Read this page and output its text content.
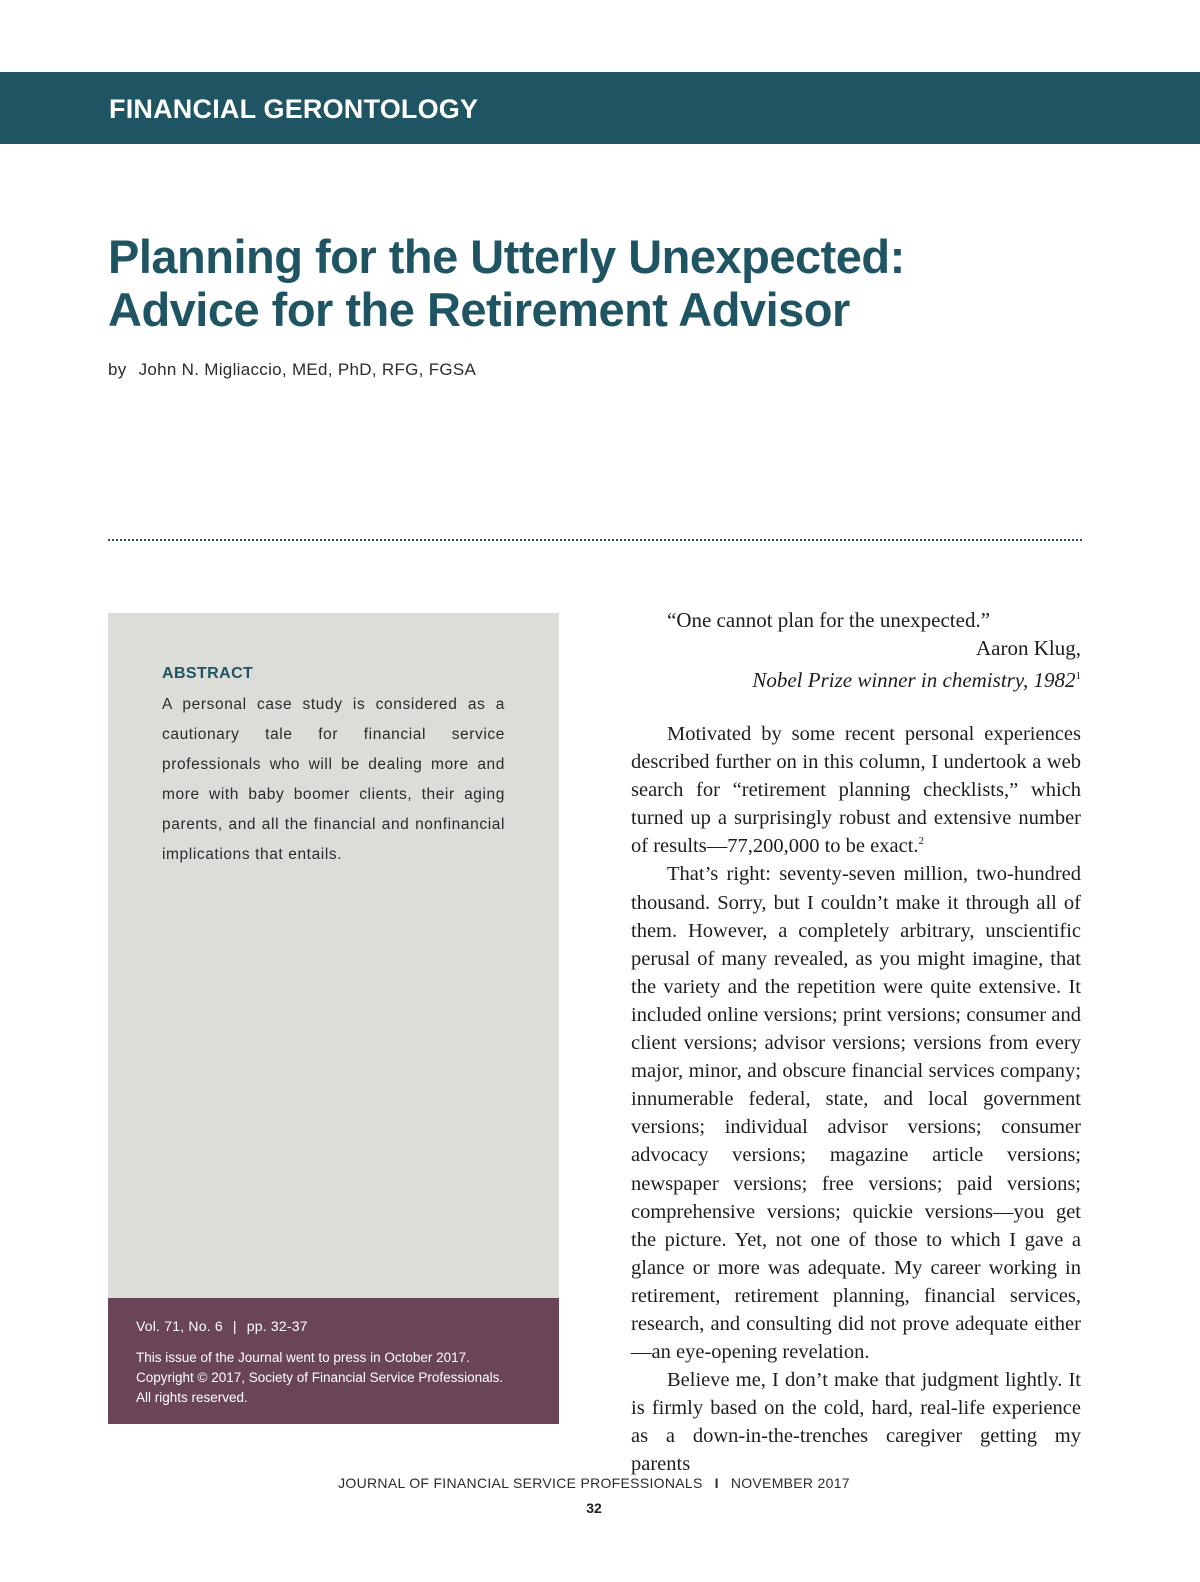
FINANCIAL GERONTOLOGY
Planning for the Utterly Unexpected:
Advice for the Retirement Advisor
by John N. Migliaccio, MEd, PhD, RFG, FGSA
ABSTRACT

A personal case study is considered as a cautionary tale for financial service professionals who will be dealing more and more with baby boomer clients, their aging parents, and all the financial and nonfinancial implications that entails.

Vol. 71, No. 6 | pp. 32-37
This issue of the Journal went to press in October 2017.
Copyright © 2017, Society of Financial Service Professionals.
All rights reserved.
“One cannot plan for the unexpected.”
Aaron Klug,
Nobel Prize winner in chemistry, 1982$^1$

Motivated by some recent personal experiences described further on in this column, I undertook a web search for “retirement planning checklists,” which turned up a surprisingly robust and extensive number of results—77,200,000 to be exact.$^2$

That’s right: seventy-seven million, two-hundred thousand. Sorry, but I couldn’t make it through all of them. However, a completely arbitrary, unscientific perusal of many revealed, as you might imagine, that the variety and the repetition were quite extensive. It included online versions; print versions; consumer and client versions; advisor versions; versions from every major, minor, and obscure financial services company; innumerable federal, state, and local government versions; individual advisor versions; consumer advocacy versions; magazine article versions; newspaper versions; free versions; paid versions; comprehensive versions; quickie versions—you get the picture. Yet, not one of those to which I gave a glance or more was adequate. My career working in retirement, retirement planning, financial services, research, and consulting did not prove adequate either—an eye-opening revelation.

Believe me, I don’t make that judgment lightly. It is firmly based on the cold, hard, real-life experience as a down-in-the-trenches caregiver getting my parents

JOURNAL OF FINANCIAL SERVICE PROFESSIONALS I NOVEMBER 2017
32
